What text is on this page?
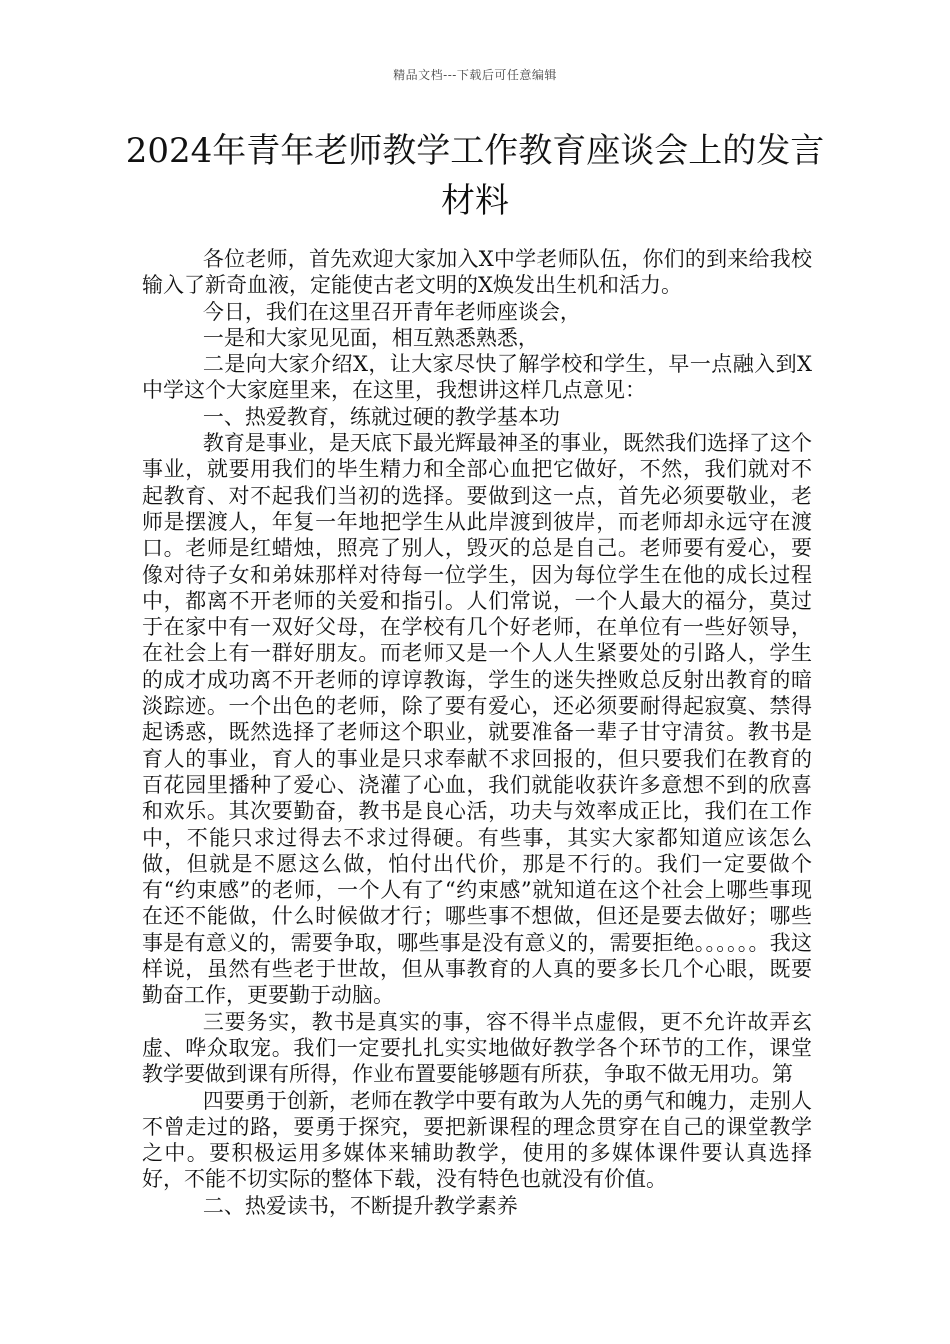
精品文档---下载后可任意编辑
2024年青年老师教学工作教育座谈会上的发言材料

各位老师，首先欢迎大家加入X中学老师队伍，你们的到来给我校输入了新奇血液，定能使古老文明的X焕发出生机和活力。

今日，我们在这里召开青年老师座谈会，

一是和大家见见面，相互熟悉熟悉，

二是向大家介绍X，让大家尽快了解学校和学生，早一点融入到X中学这个大家庭里来，在这里，我想讲这样几点意见：

一、热爱教育，练就过硬的教学基本功

教育是事业，是天底下最光辉最神圣的事业，既然我们选择了这个事业，就要用我们的毕生精力和全部心血把它做好，不然，我们就对不起教育、对不起我们当初的选择。要做到这一点，首先必须要敬业，老师是摆渡人，年复一年地把学生从此岸渡到彼岸，而老师却永远守在渡口。老师是红蜡烛，照亮了别人，毁灭的总是自己。老师要有爱心，要像对待子女和弟妹那样对待每一位学生，因为每位学生在他的成长过程中，都离不开老师的关爱和指引。人们常说，一个人最大的福分，莫过于在家中有一双好父母，在学校有几个好老师，在单位有一些好领导，在社会上有一群好朋友。而老师又是一个人人生紧要处的引路人，学生的成才成功离不开老师的谆谆教诲，学生的迷失挫败总反射出教育的暗淡踪迹。一个出色的老师，除了要有爱心，还必须要耐得起寂寞、禁得起诱惑，既然选择了老师这个职业，就要准备一辈子甘守清贫。教书是育人的事业，育人的事业是只求奉献不求回报的，但只要我们在教育的百花园里播种了爱心、浇灌了心血，我们就能收获许多意想不到的欣喜和欢乐。其次要勤奋，教书是良心活，功夫与效率成正比，我们在工作中，不能只求过得去不求过得硬。有些事，其实大家都知道应该怎么做，但就是不愿这么做，怕付出代价，那是不行的。我们一定要做个有“约束感”的老师，一个人有了“约束感”就知道在这个社会上哪些事现在还不能做，什么时候做才行；哪些事不想做，但还是要去做好；哪些事是有意义的，需要争取，哪些事是没有意义的，需要拒绝。。。。。。我这样说，虽然有些老于世故，但从事教育的人真的要多长几个心眼，既要勤奋工作，更要勤于动脑。

三要务实，教书是真实的事，容不得半点虚假，更不允许故弄玄虚、哗众取宠。我们一定要扎扎实实地做好教学各个环节的工作，课堂教学要做到课有所得，作业布置要能够题有所获，争取不做无用功。第

四要勇于创新，老师在教学中要有敢为人先的勇气和魄力，走别人不曾走过的路，要勇于探究，要把新课程的理念贯穿在自己的课堂教学之中。要积极运用多媒体来辅助教学，使用的多媒体课件要认真选择好，不能不切实际的整体下载，没有特色也就没有价值。

二、热爱读书，不断提升教学素养
